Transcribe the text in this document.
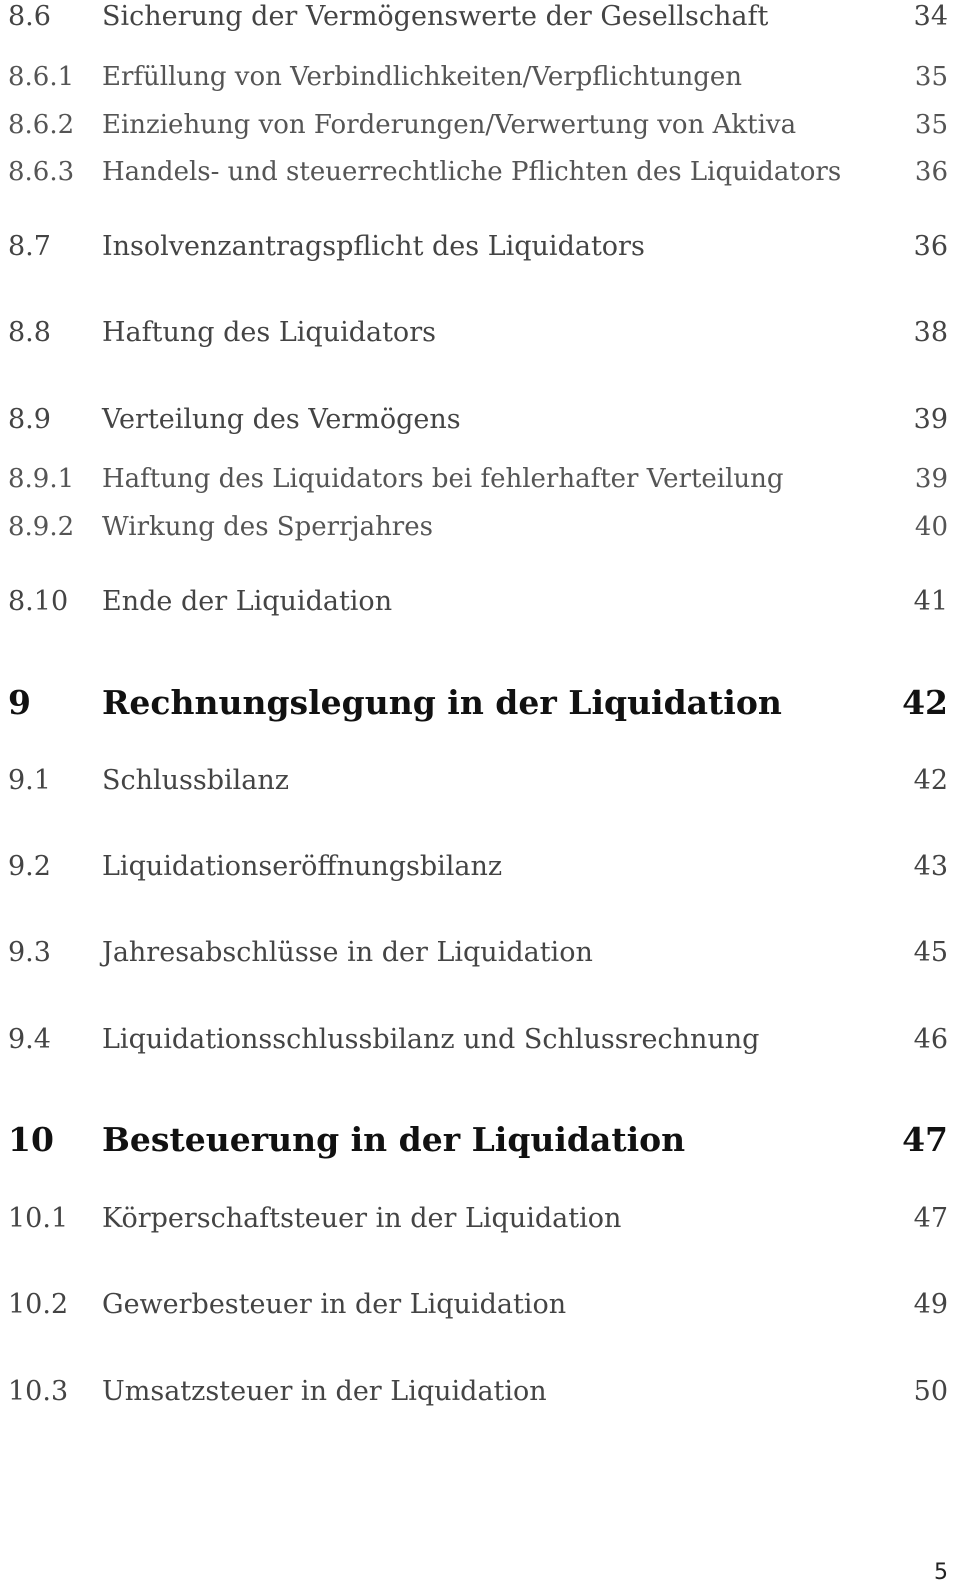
8.6 Sicherung der Vermögenswerte der Gesellschaft	34
8.6.1 Erfüllung von Verbindlichkeiten/Verpflichtungen	35
8.6.2 Einziehung von Forderungen/Verwertung von Aktiva	35
8.6.3 Handels- und steuerrechtliche Pflichten des Liquidators	36
8.7 Insolvenzantragspflicht des Liquidators	36
8.8 Haftung des Liquidators	38
8.9 Verteilung des Vermögens	39
8.9.1 Haftung des Liquidators bei fehlerhafter Verteilung	39
8.9.2 Wirkung des Sperrjahres	40
8.10 Ende der Liquidation	41
9 Rechnungslegung in der Liquidation	42
9.1 Schlussbilanz	42
9.2 Liquidationseröffnungsbilanz	43
9.3 Jahresabschlüsse in der Liquidation	45
9.4 Liquidationsschlussbilanz und Schlussrechnung	46
10 Besteuerung in der Liquidation	47
10.1 Körperschaftsteuer in der Liquidation	47
10.2 Gewerbesteuer in der Liquidation	49
10.3 Umsatzsteuer in der Liquidation	50
5
